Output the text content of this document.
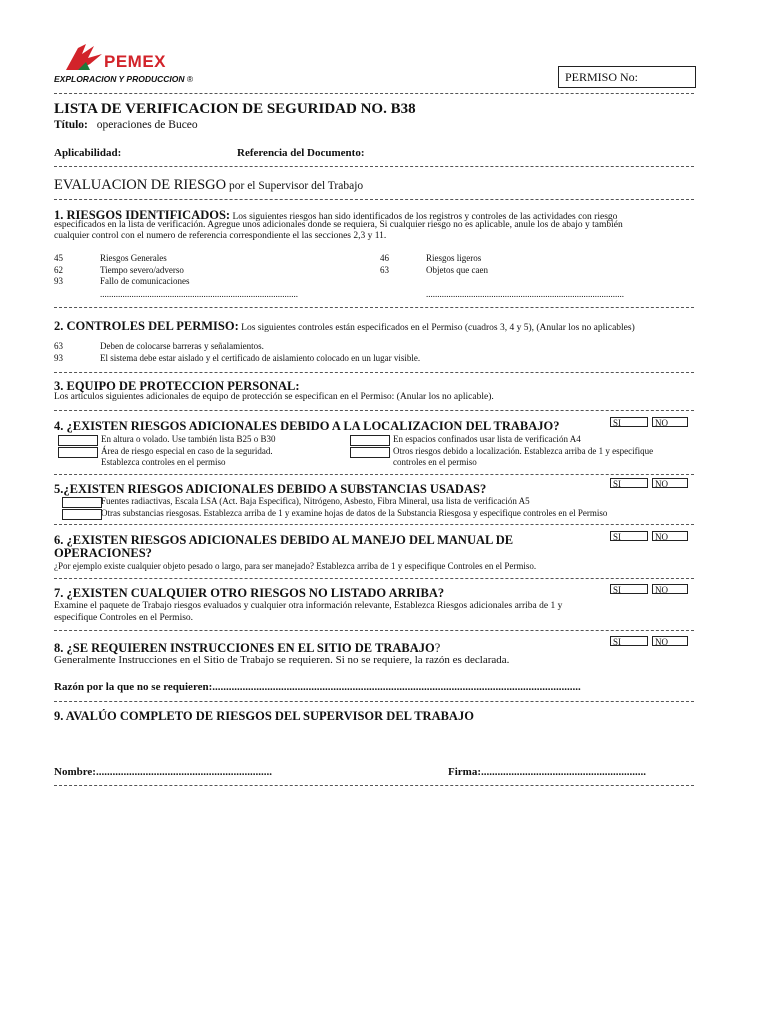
PEMEX
EXPLORACION Y PRODUCCION ®	PERMISO No:
LISTA DE VERIFICACION DE SEGURIDAD NO. B38
Título: operaciones de Buceo
Aplicabilidad:	Referencia del Documento:
EVALUACION DE RIESGO por el Supervisor del Trabajo
1. RIESGOS IDENTIFICADOS: Los siguientes riesgos han sido identificados de los registros y controles de las actividades con riesgo
especificados en la lista de verificación. Agregue unos adicionales donde se requiera, Si cualquier riesgo no es aplicable, anule los de abajo y también
cualquier control con el numero de referencia correspondiente el las secciones 2,3 y 11.
45	Riesgos Generales
62	Tiempo severo/adverso
93	Fallo de comunicaciones
46	Riesgos ligeros
63	Objetos que caen
........................................................................................	........................................................................................
2. CONTROLES DEL PERMISO: Los siguientes controles están especificados en el Permiso (cuadros 3, 4 y 5), (Anular los no aplicables)
63	Deben de colocarse barreras y señalamientos.
93	El sistema debe estar aislado y el certificado de aislamiento colocado en un lugar visible.
3. EQUIPO DE PROTECCION PERSONAL:
Los artículos siguientes adicionales de equipo de protección se especifican en el Permiso: (Anular los no aplicable).
4. ¿EXISTEN RIESGOS ADICIONALES DEBIDO A LA LOCALIZACION DEL TRABAJO?	SI	NO
En altura o volado. Use también lista B25 o B30
Área de riesgo especial en caso de la seguridad.
Establezca controles en el permiso
En espacios confinados usar lista de verificación A4
Otros riesgos debido a localización. Establezca arriba de 1 y especifique
controles en el permiso
5.¿EXISTEN RIESGOS ADICIONALES DEBIDO A SUBSTANCIAS USADAS?	SI	NO
Fuentes radiactivas, Escala LSA (Act. Baja Especifica), Nitrógeno, Asbesto, Fibra Mineral, usa lista de verificación A5
Otras substancias riesgosas. Establezca arriba de 1 y examine hojas de datos de la Substancia Riesgosa y especifique controles en el Permiso
6. ¿EXISTEN RIESGOS ADICIONALES DEBIDO AL MANEJO DEL MANUAL DE
OPERACIONES?
SI	NO
¿Por ejemplo existe cualquier objeto pesado o largo, para ser manejado? Establezca arriba de 1 y especifique Controles en el Permiso.
7. ¿EXISTEN CUALQUIER OTRO RIESGOS NO LISTADO ARRIBA?	SI	NO
Examine el paquete de Trabajo riesgos evaluados y cualquier otra información relevante, Establezca Riesgos adicionales arriba de 1 y
especifique Controles en el Permiso.
8. ¿SE REQUIEREN INSTRUCCIONES EN EL SITIO DE TRABAJO?	SI	NO
Generalmente Instrucciones en el Sitio de Trabajo se requieren. Si no se requiere, la razón es declarada.
Razón por la que no se requieren:......................................................................................................................................
9. AVALÚO COMPLETO DE RIESGOS DEL SUPERVISOR DEL TRABAJO
Nombre:................................................................	Firma:............................................................
